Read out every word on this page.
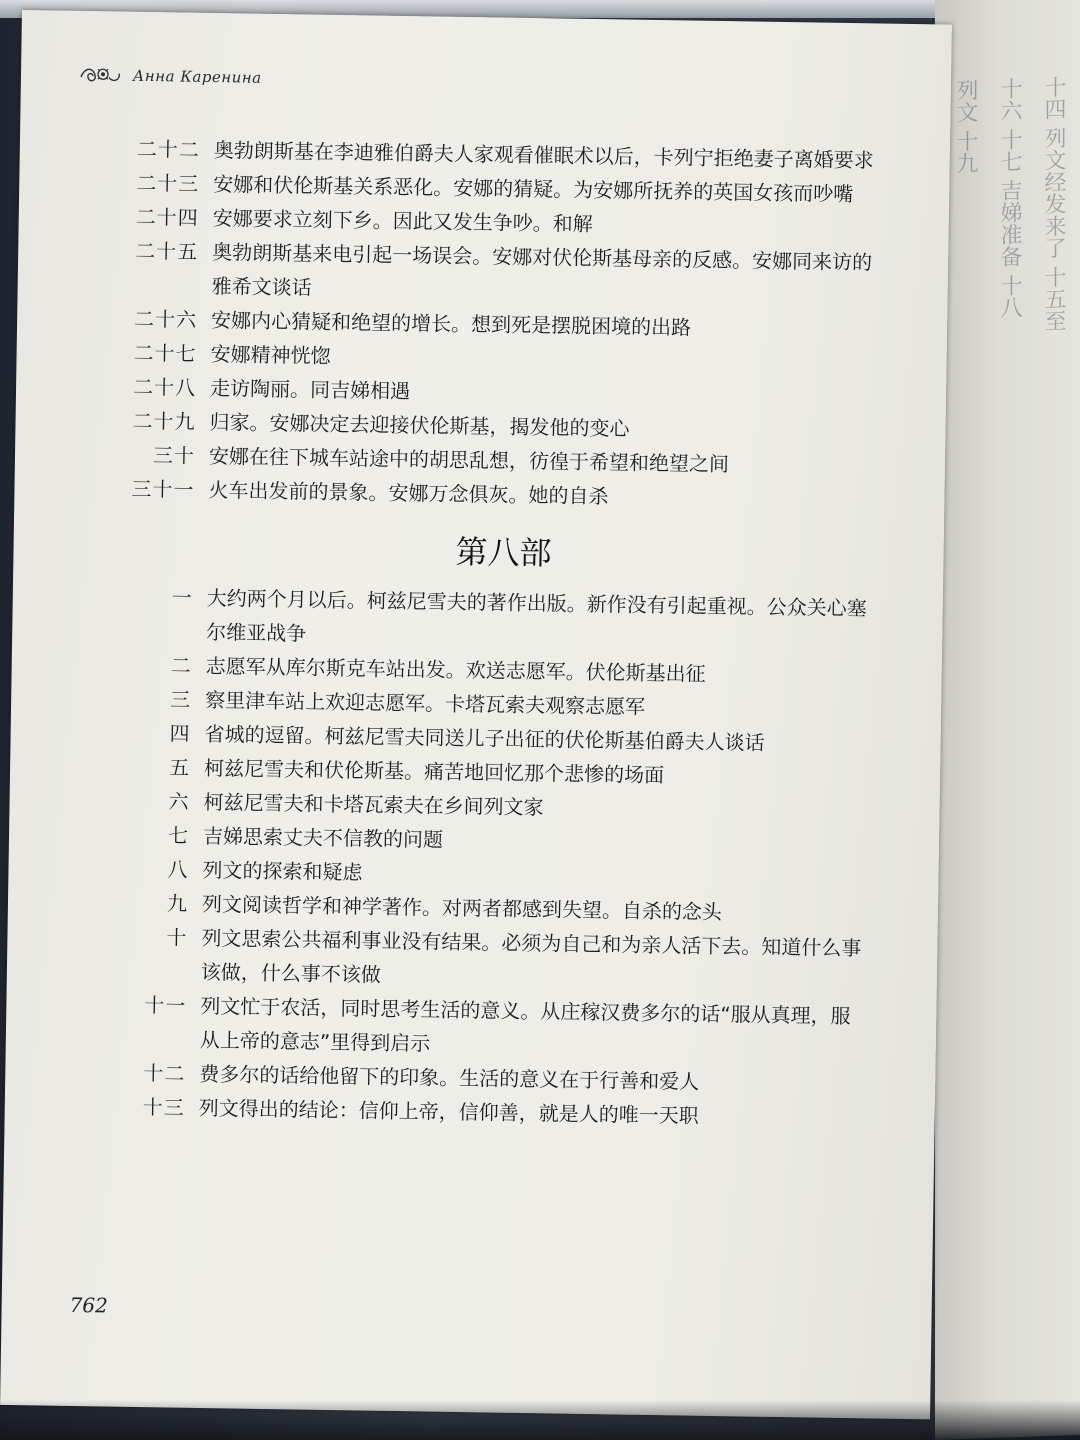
十四 列文经发来了 十五至十六 十七 吉娣准备 十八 列文 十九
Анна Каренина
二十二 奥勃朗斯基在李迪雅伯爵夫人家观看催眠术以后，卡列宁拒绝妻子离婚要求
二十三 安娜和伏伦斯基关系恶化。安娜的猜疑。为安娜所抚养的英国女孩而吵嘴
二十四 安娜要求立刻下乡。因此又发生争吵。和解
二十五 奥勃朗斯基来电引起一场误会。安娜对伏伦斯基母亲的反感。安娜同来访的雅希文谈话
二十六 安娜内心猜疑和绝望的增长。想到死是摆脱困境的出路
二十七 安娜精神恍惚
二十八 走访陶丽。同吉娣相遇
二十九 归家。安娜决定去迎接伏伦斯基，揭发他的变心
三十 安娜在往下城车站途中的胡思乱想，彷徨于希望和绝望之间
三十一 火车出发前的景象。安娜万念俱灰。她的自杀
第八部
一 大约两个月以后。柯兹尼雪夫的著作出版。新作没有引起重视。公众关心塞尔维亚战争
二 志愿军从库尔斯克车站出发。欢送志愿军。伏伦斯基出征
三 察里津车站上欢迎志愿军。卡塔瓦索夫观察志愿军
四 省城的逗留。柯兹尼雪夫同送儿子出征的伏伦斯基伯爵夫人谈话
五 柯兹尼雪夫和伏伦斯基。痛苦地回忆那个悲惨的场面
六 柯兹尼雪夫和卡塔瓦索夫在乡间列文家
七 吉娣思索丈夫不信教的问题
八 列文的探索和疑虑
九 列文阅读哲学和神学著作。对两者都感到失望。自杀的念头
十 列文思索公共福利事业没有结果。必须为自己和为亲人活下去。知道什么事该做，什么事不该做
十一 列文忙于农活，同时思考生活的意义。从庄稼汉费多尔的话“服从真理，服从上帝的意志”里得到启示
十二 费多尔的话给他留下的印象。生活的意义在于行善和爱人
十三 列文得出的结论：信仰上帝，信仰善，就是人的唯一天职
762
